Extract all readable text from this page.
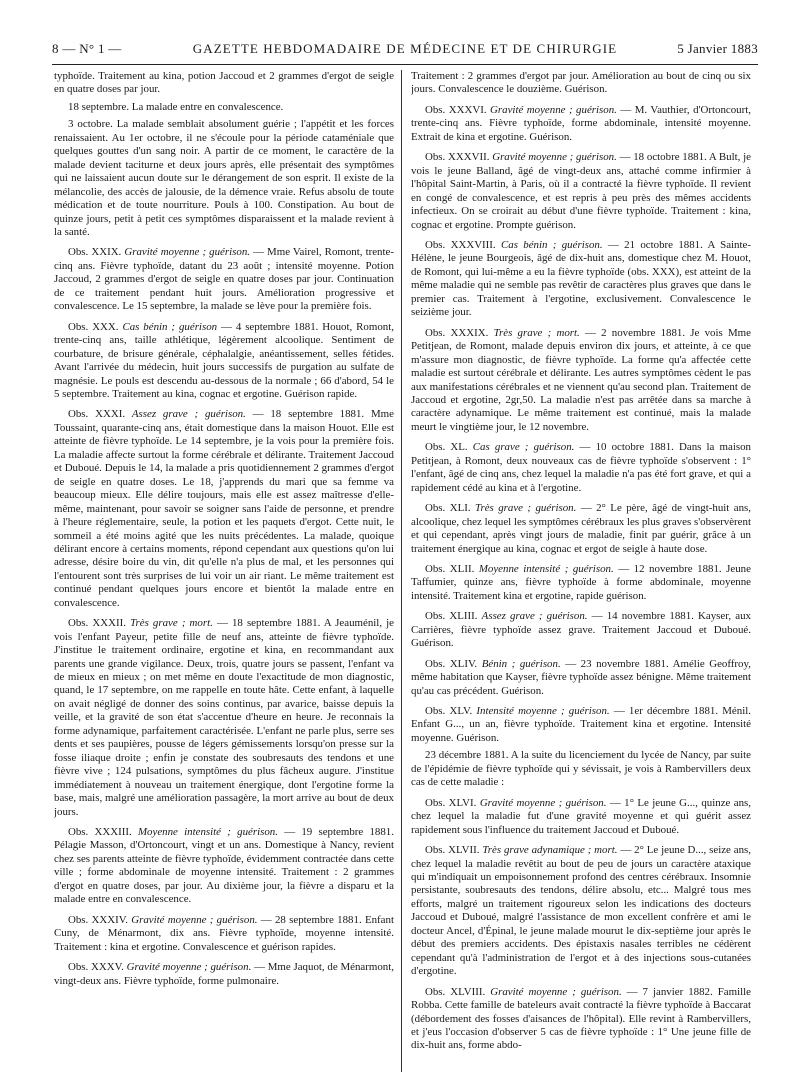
8 — N° 1 —	GAZETTE HEBDOMADAIRE DE MÉDECINE ET DE CHIRURGIE	5 Janvier 1883

typhoïde. Traitement au kina, potion Jaccoud et 2 grammes d'ergot de seigle en quatre doses par jour.

18 septembre. La malade entre en convalescence.

3 octobre. La malade semblait absolument guérie ; l'appétit et les forces renaissaient. Au 1er octobre, il ne s'écoule pour la période cataméniale que quelques gouttes d'un sang noir. A partir de ce moment, le caractère de la malade devient taciturne et deux jours après, elle présentait des symptômes qui ne laissaient aucun doute sur le dérangement de son esprit. Il existe de la mélancolie, des accès de jalousie, de la démence vraie. Refus absolu de toute médication et de toute nourriture. Pouls à 100. Constipation. Au bout de quinze jours, petit à petit ces symptômes disparaissent et la malade revient à la santé.

Obs. XXIX. Gravité moyenne ; guérison. — Mme Vairel, Romont, trente-cinq ans. Fièvre typhoïde, datant du 23 août ; intensité moyenne. Potion Jaccoud, 2 grammes d'ergot de seigle en quatre doses par jour. Continuation de ce traitement pendant huit jours. Amélioration progressive et convalescence. Le 15 septembre, la malade se lève pour la première fois.

Obs. XXX. Cas bénin ; guérison — 4 septembre 1881. Houot, Romont, trente-cinq ans, taille athlétique, légèrement alcoolique. Sentiment de courbature, de brisure générale, céphalalgie, anéantissement, selles fétides. Avant l'arrivée du médecin, huit jours successifs de purgation au sulfate de magnésie. Le pouls est descendu au-dessous de la normale ; 66 d'abord, 54 le 5 septembre. Traitement au kina, cognac et ergotine. Guérison rapide.

Obs. XXXI. Assez grave ; guérison. — 18 septembre 1881. Mme Toussaint, quarante-cinq ans, était domestique dans la maison Houot. Elle est atteinte de fièvre typhoïde. Le 14 septembre, je la vois pour la première fois. La maladie affecte surtout la forme cérébrale et délirante. Traitement Jaccoud et Duboué. Depuis le 14, la malade a pris quotidiennement 2 grammes d'ergot de seigle en quatre doses. Le 18, j'apprends du mari que sa femme va beaucoup mieux. Elle délire toujours, mais elle est assez maîtresse d'elle-même, maintenant, pour savoir se soigner sans l'aide de personne, et prendre à l'heure réglementaire, seule, la potion et les paquets d'ergot. Cette nuit, le sommeil a été moins agité que les nuits précédentes. La malade, quoique délirant encore à certains moments, répond cependant aux questions qu'on lui adresse, désire boire du vin, dit qu'elle n'a plus de mal, et les personnes qui l'entourent sont très surprises de lui voir un air riant. Le même traitement est continué pendant quelques jours encore et bientôt la malade entre en convalescence.

Obs. XXXII. Très grave ; mort. — 18 septembre 1881. A Jeauménil, je vois l'enfant Payeur, petite fille de neuf ans, atteinte de fièvre typhoïde. J'institue le traitement ordinaire, ergotine et kina, en recommandant aux parents une grande vigilance. Deux, trois, quatre jours se passent, l'enfant va de mieux en mieux ; on met même en doute l'exactitude de mon diagnostic, quand, le 17 septembre, on me rappelle en toute hâte. Cette enfant, à laquelle on avait négligé de donner des soins continus, par avarice, baisse depuis la veille, et la gravité de son état s'accentue d'heure en heure. Je reconnais la forme adynamique, parfaitement caractérisée. L'enfant ne parle plus, serre ses dents et ses paupières, pousse de légers gémissements lorsqu'on presse sur la fosse iliaque droite ; enfin je constate des soubresauts des tendons et une fièvre vive ; 124 pulsations, symptômes du plus fâcheux augure. J'institue immédiatement à nouveau un traitement énergique, dont l'ergotine forme la base, mais, malgré une amélioration passagère, la mort arrive au bout de deux jours.

Obs. XXXIII. Moyenne intensité ; guérison. — 19 septembre 1881. Pélagie Masson, d'Ortoncourt, vingt et un ans. Domestique à Nancy, revient chez ses parents atteinte de fièvre typhoïde, évidemment contractée dans cette ville ; forme abdominale de moyenne intensité. Traitement : 2 grammes d'ergot en quatre doses, par jour. Au dixième jour, la fièvre a disparu et la malade entre en convalescence.

Obs. XXXIV. Gravité moyenne ; guérison. — 28 septembre 1881. Enfant Cuny, de Ménarmont, dix ans. Fièvre typhoïde, moyenne intensité. Traitement : kina et ergotine. Convalescence et guérison rapides.

Obs. XXXV. Gravité moyenne ; guérison. — Mme Jaquot, de Ménarmont, vingt-deux ans. Fièvre typhoïde, forme pulmonaire.

Traitement : 2 grammes d'ergot par jour. Amélioration au bout de cinq ou six jours. Convalescence le douzième. Guérison.

Obs. XXXVI. Gravité moyenne ; guérison. — M. Vauthier, d'Ortoncourt, trente-cinq ans. Fièvre typhoïde, forme abdominale, intensité moyenne. Extrait de kina et ergotine. Guérison.

Obs. XXXVII. Gravité moyenne ; guérison. — 18 octobre 1881. A Bult, je vois le jeune Balland, âgé de vingt-deux ans, attaché comme infirmier à l'hôpital Saint-Martin, à Paris, où il a contracté la fièvre typhoïde. Il revient en congé de convalescence, et est repris à peu près des mêmes accidents infectieux. On se croirait au début d'une fièvre typhoïde. Traitement : kina, cognac et ergotine. Prompte guérison.

Obs. XXXVIII. Cas bénin ; guérison. — 21 octobre 1881. A Sainte-Hélène, le jeune Bourgeois, âgé de dix-huit ans, domestique chez M. Houot, de Romont, qui lui-même a eu la fièvre typhoïde (obs. XXX), est atteint de la même maladie qui ne semble pas revêtir de caractères plus graves que dans le premier cas. Traitement à l'ergotine, exclusivement. Convalescence le seizième jour.

Obs. XXXIX. Très grave ; mort. — 2 novembre 1881. Je vois Mme Petitjean, de Romont, malade depuis environ dix jours, et atteinte, à ce que m'assure mon diagnostic, de fièvre typhoïde. La forme qu'a affectée cette maladie est surtout cérébrale et délirante. Les autres symptômes cèdent le pas aux manifestations cérébrales et ne viennent qu'au second plan. Traitement de Jaccoud et ergotine, 2gr,50. La maladie n'est pas arrêtée dans sa marche à caractère adynamique. Le même traitement est continué, mais la malade meurt le vingtième jour, le 12 novembre.

Obs. XL. Cas grave ; guérison. — 10 octobre 1881. Dans la maison Petitjean, à Romont, deux nouveaux cas de fièvre typhoïde s'observent : 1° l'enfant, âgé de cinq ans, chez lequel la maladie n'a pas été fort grave, et qui a rapidement cédé au kina et à l'ergotine.

Obs. XLI. Très grave ; guérison. — 2° Le père, âgé de vingt-huit ans, alcoolique, chez lequel les symptômes cérébraux les plus graves s'observèrent et qui cependant, après vingt jours de maladie, finit par guérir, grâce à un traitement énergique au kina, cognac et ergot de seigle à haute dose.

Obs. XLII. Moyenne intensité ; guérison. — 12 novembre 1881. Jeune Taffumier, quinze ans, fièvre typhoïde à forme abdominale, moyenne intensité. Traitement kina et ergotine, rapide guérison.

Obs. XLIII. Assez grave ; guérison. — 14 novembre 1881. Kayser, aux Carrières, fièvre typhoïde assez grave. Traitement Jaccoud et Duboué. Guérison.

Obs. XLIV. Bénin ; guérison. — 23 novembre 1881. Amélie Geoffroy, même habitation que Kayser, fièvre typhoïde assez bénigne. Même traitement qu'au cas précédent. Guérison.

Obs. XLV. Intensité moyenne ; guérison. — 1er décembre 1881. Ménil. Enfant G..., un an, fièvre typhoïde. Traitement kina et ergotine. Intensité moyenne. Guérison.

23 décembre 1881. A la suite du licenciement du lycée de Nancy, par suite de l'épidémie de fièvre typhoïde qui y sévissait, je vois à Rambervillers deux cas de cette maladie :

Obs. XLVI. Gravité moyenne ; guérison. — 1° Le jeune G..., quinze ans, chez lequel la maladie fut d'une gravité moyenne et qui guérit assez rapidement sous l'influence du traitement Jaccoud et Duboué.

Obs. XLVII. Très grave adynamique ; mort. — 2° Le jeune D..., seize ans, chez lequel la maladie revêtit au bout de peu de jours un caractère ataxique qui m'indiquait un empoisonnement profond des centres cérébraux. Insomnie persistante, soubresauts des tendons, délire absolu, etc... Malgré tous mes efforts, malgré un traitement rigoureux selon les indications des docteurs Jaccoud et Duboué, malgré l'assistance de mon excellent confrère et ami le docteur Ancel, d'Épinal, le jeune malade mourut le dix-septième jour après le début des premiers accidents. Des épistaxis nasales terribles ne cédèrent cependant qu'à l'administration de l'ergot et à des injections sous-cutanées d'ergotine.

Obs. XLVIII. Gravité moyenne ; guérison. — 7 janvier 1882. Famille Robba. Cette famille de bateleurs avait contracté la fièvre typhoïde à Baccarat (débordement des fosses d'aisances de l'hôpital). Elle revint à Rambervillers, et j'eus l'occasion d'observer 5 cas de fièvre typhoïde : 1° Une jeune fille de dix-huit ans, forme abdo-
